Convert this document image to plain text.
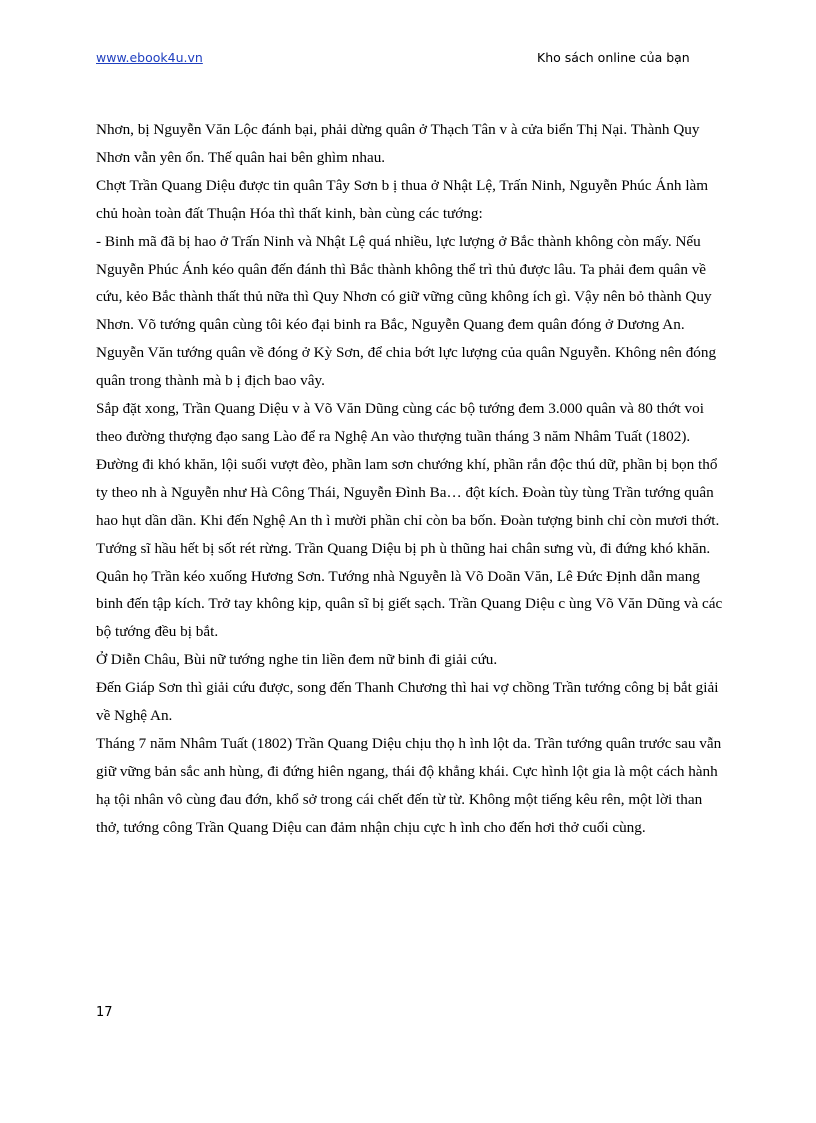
www.ebook4u.vn	Kho sách online của bạn

Nhơn, bị Nguyễn Văn Lộc đánh bại, phải dừng quân ở Thạch Tân v à cửa biển Thị Nại. Thành Quy Nhơn vẫn yên ổn. Thế quân hai bên ghìm nhau.

Chợt Trần Quang Diệu được tin quân Tây Sơn b ị thua ở Nhật Lệ, Trấn Ninh, Nguyễn Phúc Ánh làm chủ hoàn toàn đất Thuận Hóa thì thất kinh, bàn cùng các tướng:

- Binh mã đã bị hao ở Trấn Ninh và Nhật Lệ quá nhiều, lực lượng ở Bắc thành không còn mấy. Nếu Nguyễn Phúc Ánh kéo quân đến đánh thì Bắc thành không thể trì thủ được lâu. Ta phải đem quân về cứu, kẻo Bắc thành thất thủ nữa thì Quy Nhơn có giữ vững cũng không ích gì. Vậy nên bỏ thành Quy Nhơn. Võ tướng quân cùng tôi kéo đại binh ra Bắc, Nguyễn Quang đem quân đóng ở Dương An. Nguyễn Văn tướng quân về đóng ở Kỳ Sơn, để chia bớt lực lượng của quân Nguyễn. Không nên đóng quân trong thành mà b ị địch bao vây.

Sắp đặt xong, Trần Quang Diệu v à Võ Văn Dũng cùng các bộ tướng đem 3.000 quân và 80 thớt voi theo đường thượng đạo sang Lào để ra Nghệ An vào thượng tuần tháng 3 năm Nhâm Tuất (1802). Đường đi khó khăn, lội suối vượt đèo, phần lam sơn chướng khí, phần rắn độc thú dữ, phần bị bọn thổ ty theo nh à Nguyễn như Hà Công Thái, Nguyễn Đình Ba… đột kích. Đoàn tùy tùng Trần tướng quân hao hụt dần dần. Khi đến Nghệ An th ì mười phần chỉ còn ba bốn. Đoàn tượng binh chỉ còn mươi thớt. Tướng sĩ hầu hết bị sốt rét rừng. Trần Quang Diệu bị ph ù thũng hai chân sưng vù, đi đứng khó khăn.

Quân họ Trần kéo xuống Hương Sơn. Tướng nhà Nguyễn là Võ Doãn Văn, Lê Đức Định dẫn mang binh đến tập kích. Trở tay không kịp, quân sĩ bị giết sạch. Trần Quang Diệu c ùng Võ Văn Dũng và các bộ tướng đều bị bắt.

Ở Diễn Châu, Bùi nữ tướng nghe tin liền đem nữ binh đi giải cứu.

Đến Giáp Sơn thì giải cứu được, song đến Thanh Chương thì hai vợ chồng Trần tướng công bị bắt giải về Nghệ An.

Tháng 7 năm Nhâm Tuất (1802) Trần Quang Diệu chịu thọ h ình lột da. Trần tướng quân trước sau vẫn giữ vững bản sắc anh hùng, đi đứng hiên ngang, thái độ khẳng khái. Cực hình lột gia là một cách hành hạ tội nhân vô cùng đau đớn, khổ sở trong cái chết đến từ từ. Không một tiếng kêu rên, một lời than thở, tướng công Trần Quang Diệu can đảm nhận chịu cực h ình cho đến hơi thở cuối cùng.

17
